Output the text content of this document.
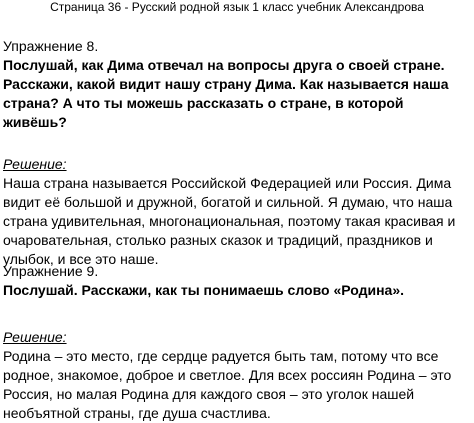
Страница 36 - Русский родной язык 1 класс учебник Александрова

Упражнение 8.

Послушай, как Дима отвечал на вопросы друга о своей стране. Расскажи, какой видит нашу страну Дима. Как называется наша страна? А что ты можешь рассказать о стране, в которой живёшь?

Решение:

Наша страна называется Российской Федерацией или Россия. Дима видит её большой и дружной, богатой и сильной. Я думаю, что наша страна удивительная, многонациональная, поэтому такая красивая и очаровательная, столько разных сказок и традиций, праздников и улыбок, и все это наше.

Упражнение 9.

Послушай. Расскажи, как ты понимаешь слово «Родина».

Решение:

Родина – это место, где сердце радуется быть там, потому что все родное, знакомое, доброе и светлое. Для всех россиян Родина – это Россия, но малая Родина для каждого своя – это уголок нашей необъятной страны, где душа счастлива.
